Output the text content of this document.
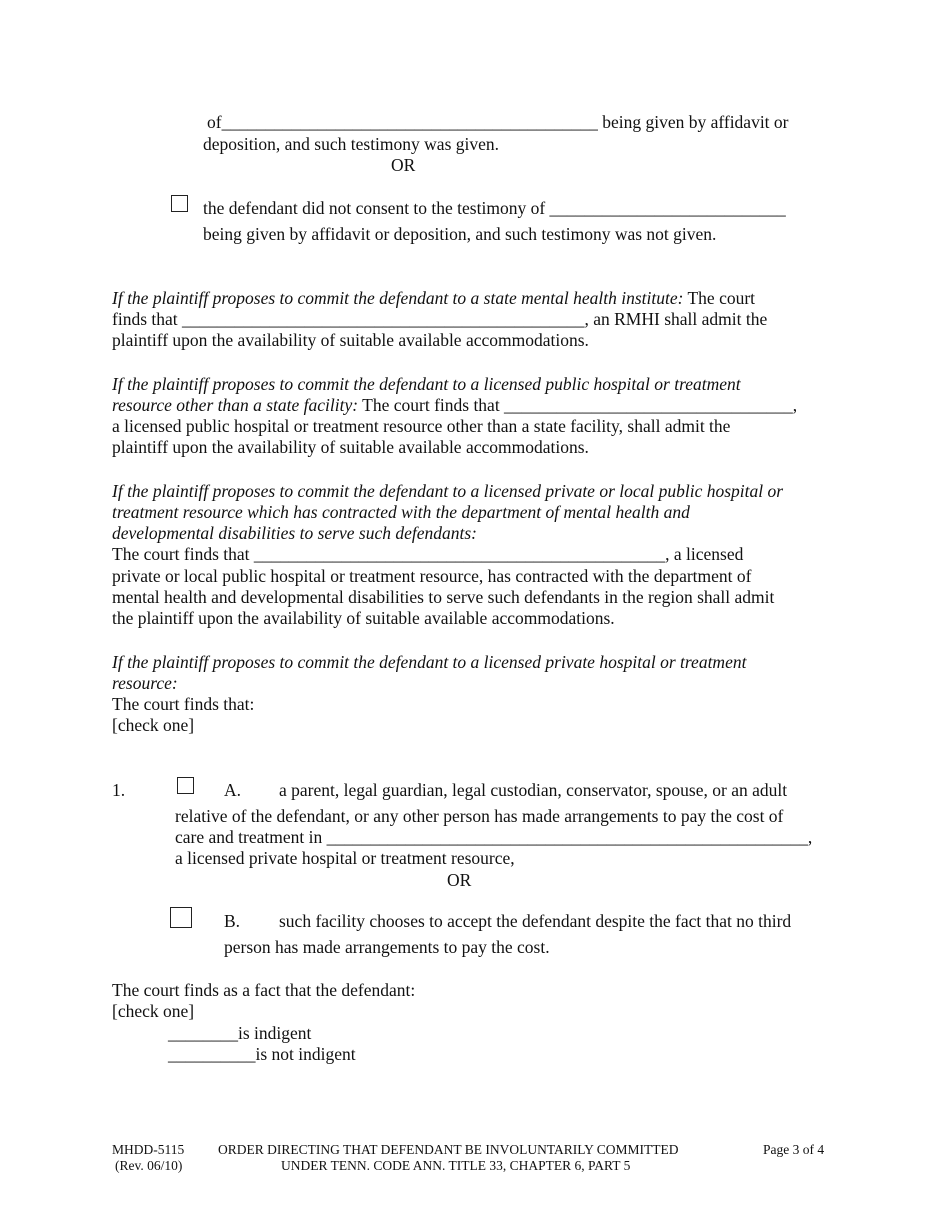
of___________________________________________ being given by affidavit or
deposition, and such testimony was given.
OR
the defendant did not consent to the testimony of ___________________________
being given by affidavit or deposition, and such testimony was not given.
If the plaintiff proposes to commit the defendant to a state mental health institute: The court
finds that ______________________________________________, an RMHI shall admit the
plaintiff upon the availability of suitable available accommodations.
If the plaintiff proposes to commit the defendant to a licensed public hospital or treatment
resource other than a state facility: The court finds that _________________________________,
a licensed public hospital or treatment resource other than a state facility, shall admit the
plaintiff upon the availability of suitable available accommodations.
If the plaintiff proposes to commit the defendant to a licensed private or local public hospital or
treatment resource which has contracted with the department of mental health and
developmental disabilities to serve such defendants:
The court finds that _______________________________________________, a licensed
private or local public hospital or treatment resource, has contracted with the department of
mental health and developmental disabilities to serve such defendants in the region shall admit
the plaintiff upon the availability of suitable available accommodations.
If the plaintiff proposes to commit the defendant to a licensed private hospital or treatment
resource:
The court finds that:
[check one]
1.	A. a parent, legal guardian, legal custodian, conservator, spouse, or an adult
relative of the defendant, or any other person has made arrangements to pay the cost of
care and treatment in _______________________________________________________,
a licensed private hospital or treatment resource,
OR
B. such facility chooses to accept the defendant despite the fact that no third
person has made arrangements to pay the cost.
The court finds as a fact that the defendant:
[check one]
________is indigent
__________is not indigent
MHDD-5115
(Rev. 06/10)
ORDER DIRECTING THAT DEFENDANT BE INVOLUNTARILY COMMITTED
UNDER TENN. CODE ANN. TITLE 33, CHAPTER 6, PART 5
Page 3 of 4
